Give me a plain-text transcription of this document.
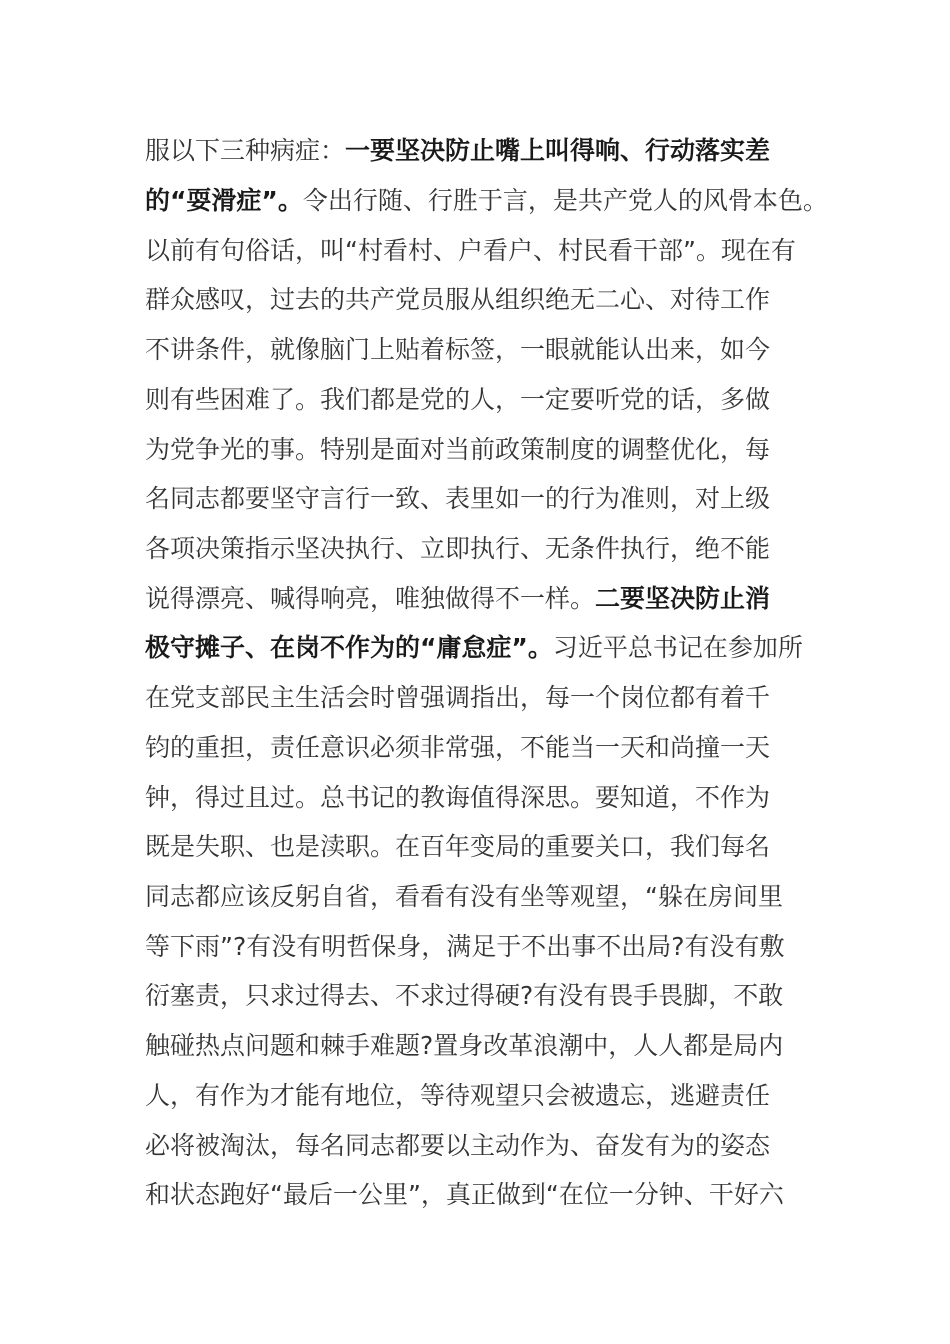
服以下三种病症：一要坚决防止嘴上叫得响、行动落实差
的“耍滑症”。令出行随、行胜于言，是共产党人的风骨本色。
以前有句俗话，叫“村看村、户看户、村民看干部”。现在有
群众感叹，过去的共产党员服从组织绝无二心、对待工作
不讲条件，就像脑门上贴着标签，一眼就能认出来，如今
则有些困难了。我们都是党的人，一定要听党的话，多做
为党争光的事。特别是面对当前政策制度的调整优化，每
名同志都要坚守言行一致、表里如一的行为准则，对上级
各项决策指示坚决执行、立即执行、无条件执行，绝不能
说得漂亮、喊得响亮，唯独做得不一样。二要坚决防止消
极守摊子、在岗不作为的“庸怠症”。习近平总书记在参加所
在党支部民主生活会时曾强调指出，每一个岗位都有着千
钧的重担，责任意识必须非常强，不能当一天和尚撞一天
钟，得过且过。总书记的教诲值得深思。要知道，不作为
既是失职、也是渎职。在百年变局的重要关口，我们每名
同志都应该反躬自省，看看有没有坐等观望，“躲在房间里
等下雨”?有没有明哲保身，满足于不出事不出局?有没有敷
衍塞责，只求过得去、不求过得硬?有没有畏手畏脚，不敢
触碰热点问题和棘手难题?置身改革浪潮中，人人都是局内
人，有作为才能有地位，等待观望只会被遗忘，逃避责任
必将被淘汰，每名同志都要以主动作为、奋发有为的姿态
和状态跑好“最后一公里”，真正做到“在位一分钟、干好六
